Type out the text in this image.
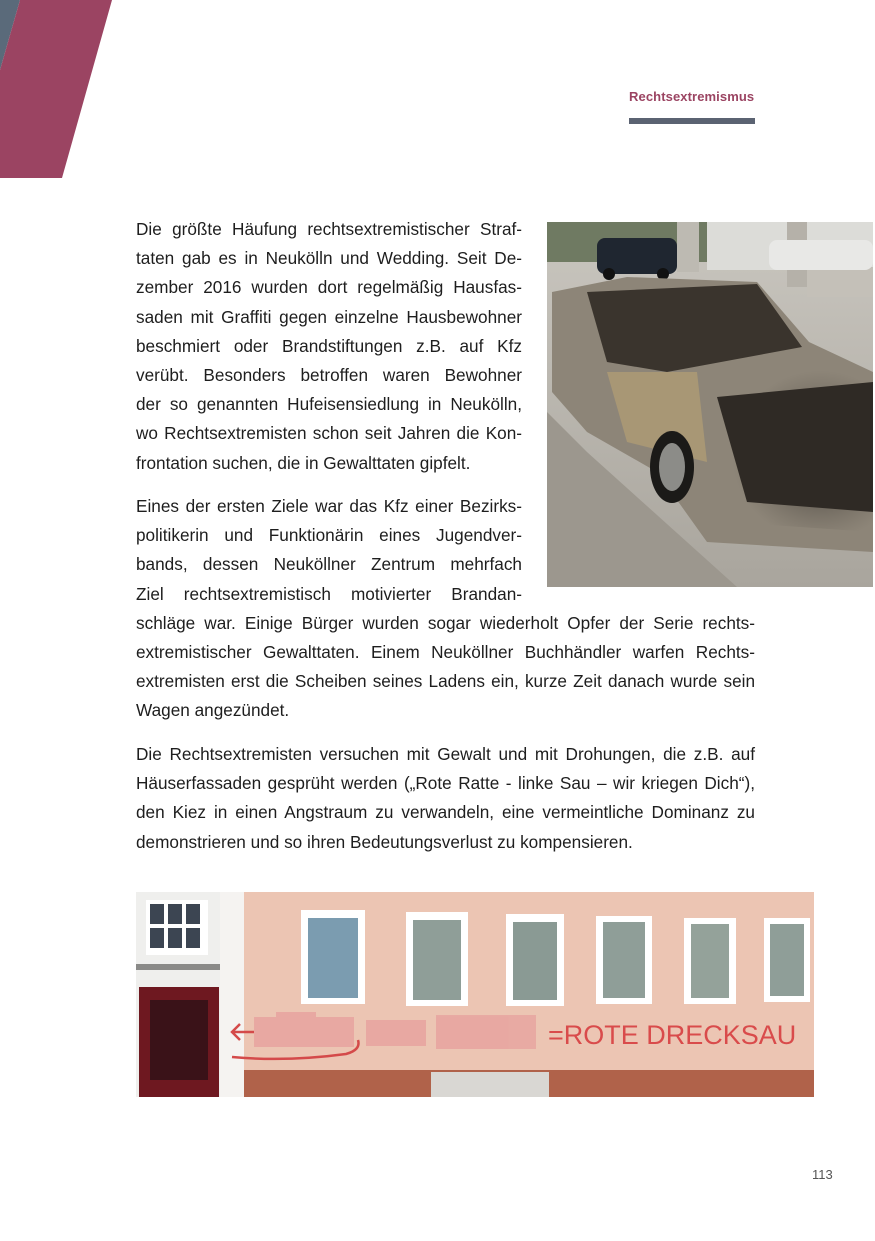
Rechtsextremismus
Die größte Häufung rechtsextremistischer Straf-
taten gab es in Neukölln und Wedding. Seit De-
zember 2016 wurden dort regelmäßig Hausfas-
saden mit Graffiti gegen einzelne Hausbewohner
beschmiert oder Brandstiftungen z.B. auf Kfz
verübt. Besonders betroffen waren Bewohner
der so genannten Hufeisensiedlung in Neukölln,
wo Rechtsextremisten schon seit Jahren die Kon-
frontation suchen, die in Gewalttaten gipfelt.
Eines der ersten Ziele war das Kfz einer Bezirks-
politikerin und Funktionärin eines Jugendver-
bands, dessen Neuköllner Zentrum mehrfach
Ziel rechtsextremistisch motivierter Brandan-
schläge war. Einige Bürger wurden sogar wiederholt Opfer der Serie rechts-
extremistischer Gewalttaten. Einem Neuköllner Buchhändler warfen Rechts-
extremisten erst die Scheiben seines Ladens ein, kurze Zeit danach wurde sein
Wagen angezündet.
Die Rechtsextremisten versuchen mit Gewalt und mit Drohungen, die z.B. auf
Häuserfassaden gesprüht werden („Rote Ratte - linke Sau – wir kriegen Dich“),
den Kiez in einen Angstraum zu verwandeln, eine vermeintliche Dominanz zu
demonstrieren und so ihren Bedeutungsverlust zu kompensieren.
=ROTE DRECKSAU
113
